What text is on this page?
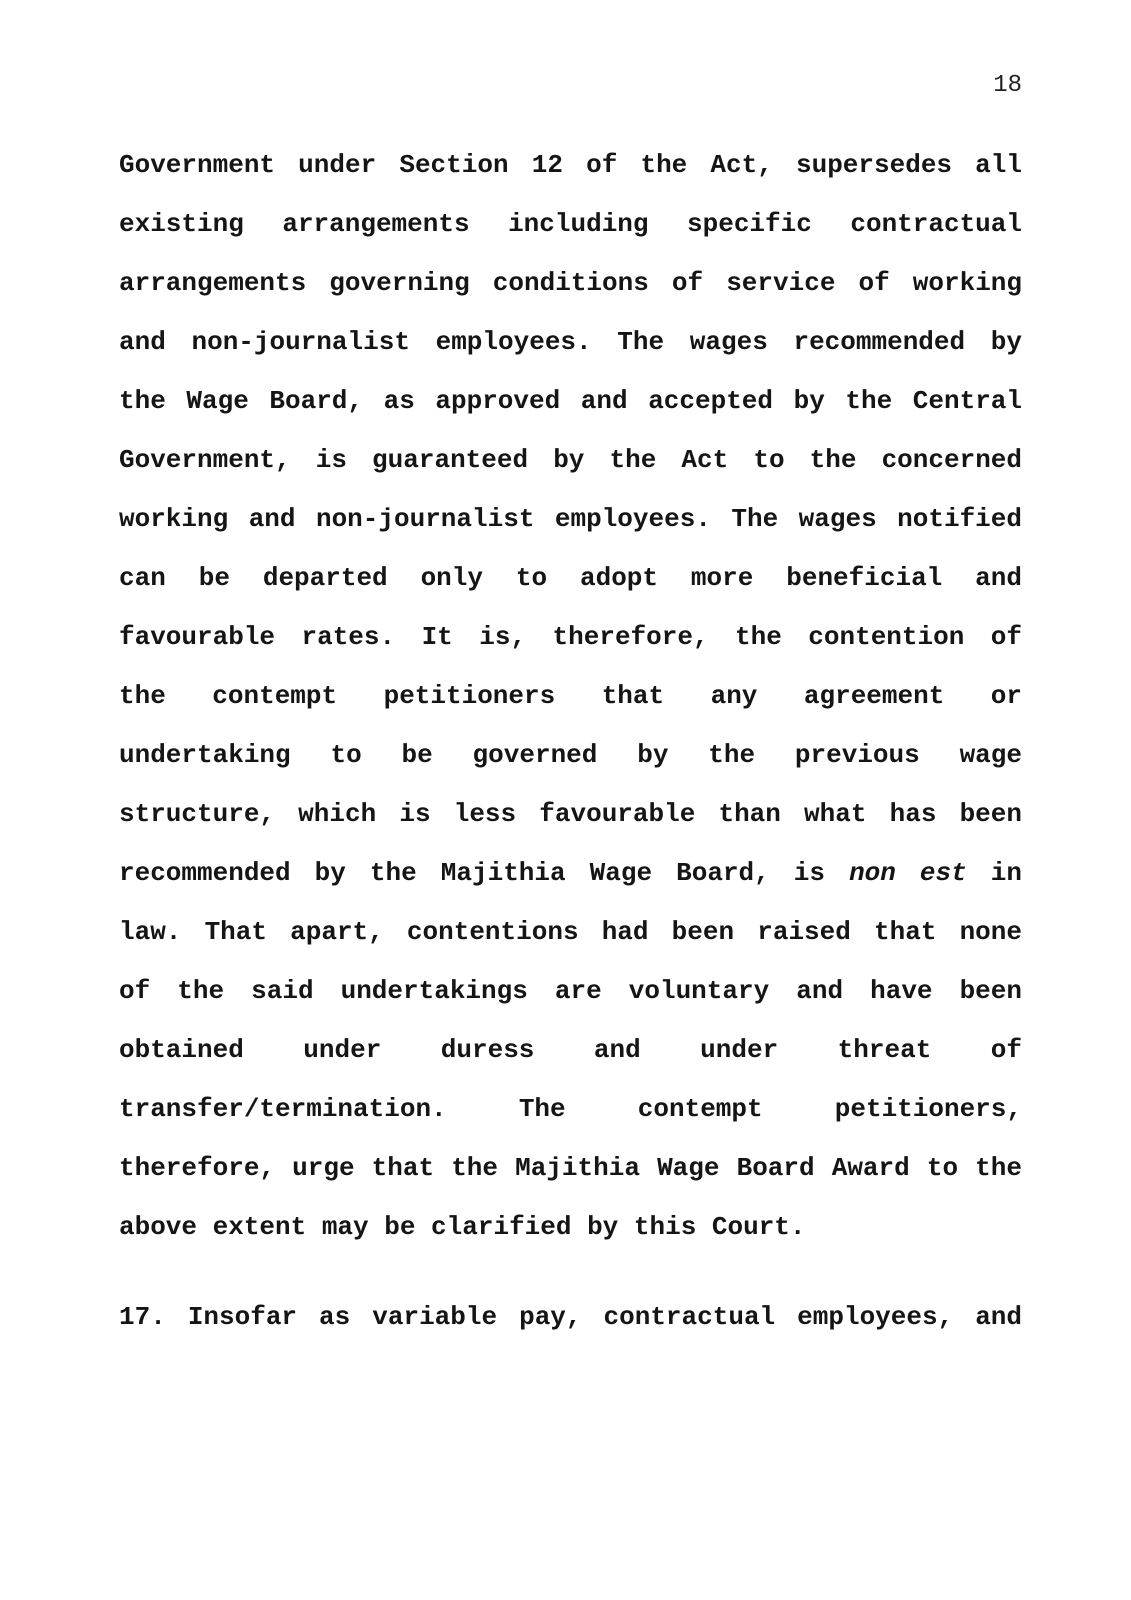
18
Government under Section 12 of the Act, supersedes all
existing arrangements including specific contractual
arrangements governing conditions of service of working
and non-journalist employees. The wages recommended by
the Wage Board, as approved and accepted by the Central
Government, is guaranteed by the Act to the concerned
working and non-journalist employees. The wages notified
can be departed only to adopt more beneficial and
favourable rates. It is, therefore, the contention of
the contempt petitioners that any agreement or
undertaking to be governed by the previous wage
structure, which is less favourable than what has been
recommended by the Majithia Wage Board, is non est in
law. That apart, contentions had been raised that none
of the said undertakings are voluntary and have been
obtained under duress and under threat of
transfer/termination. The contempt petitioners,
therefore, urge that the Majithia Wage Board Award to the
above extent may be clarified by this Court.
17. Insofar as variable pay, contractual employees, and
